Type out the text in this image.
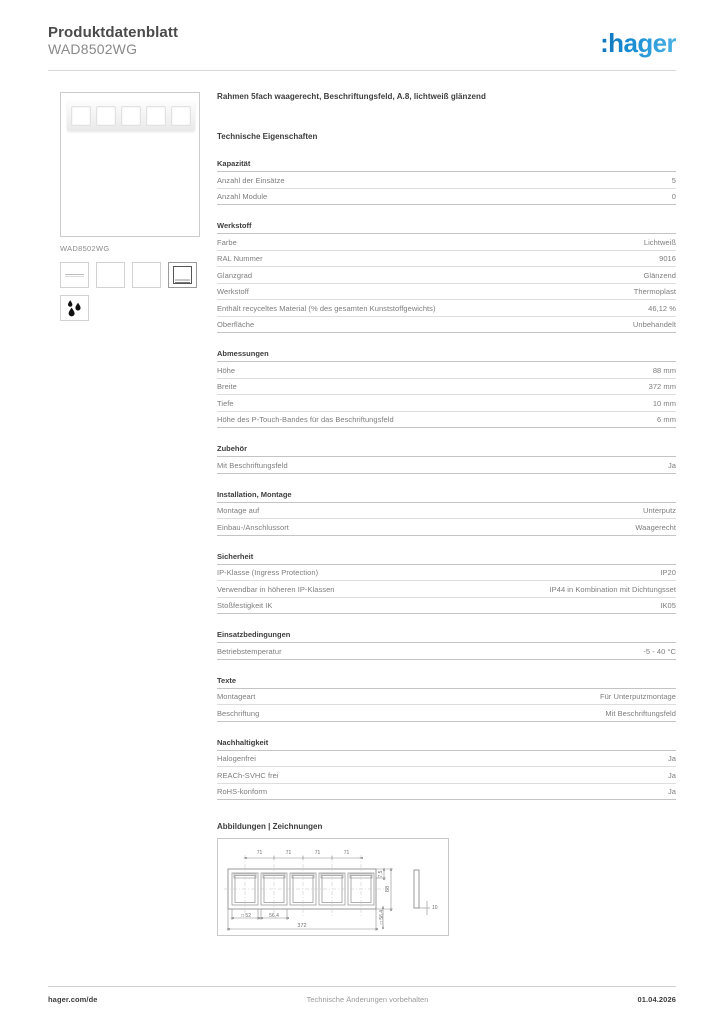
Produktdatenblatt
WAD8502WG	:hager
WAD8502WG
Rahmen 5fach waagerecht, Beschriftungsfeld, A.8, lichtweiß glänzend
Technische Eigenschaften
Kapazität
Anzahl der Einsätze	5
Anzahl Module	0
Werkstoff
Farbe	Lichtweiß
RAL Nummer	9016
Glanzgrad	Glänzend
Werkstoff	Thermoplast
Enthält recyceltes Material (% des gesamten Kunststoffgewichts)	46,12 %
Oberfläche	Unbehandelt
Abmessungen
Höhe	88 mm
Breite	372 mm
Tiefe	10 mm
Höhe des P-Touch-Bandes für das Beschriftungsfeld	6 mm
Zubehör
Mit Beschriftungsfeld	Ja
Installation, Montage
Montage auf	Unterputz
Einbau-/Anschlussort	Waagerecht
Sicherheit
IP-Klasse (Ingress Protection)	IP20
Verwendbar in höheren IP-Klassen	IP44 in Kombination mit Dichtungsset
Stoßfestigkeit IK	IK05
Einsatzbedingungen
Betriebstemperatur	-5 - 40 °C
Texte
Montageart	Für Unterputzmontage
Beschriftung	Mit Beschriftungsfeld
Nachhaltigkeit
Halogenfrei	Ja
REACh-SVHC frei	Ja
RoHS-konform	Ja
Abbildungen | Zeichnungen
71	71	71	71
□ 52	56,4
372
7,5
88
□ 56,4
10
hager.com/de	Technische Änderungen vorbehalten	01.04.2026
